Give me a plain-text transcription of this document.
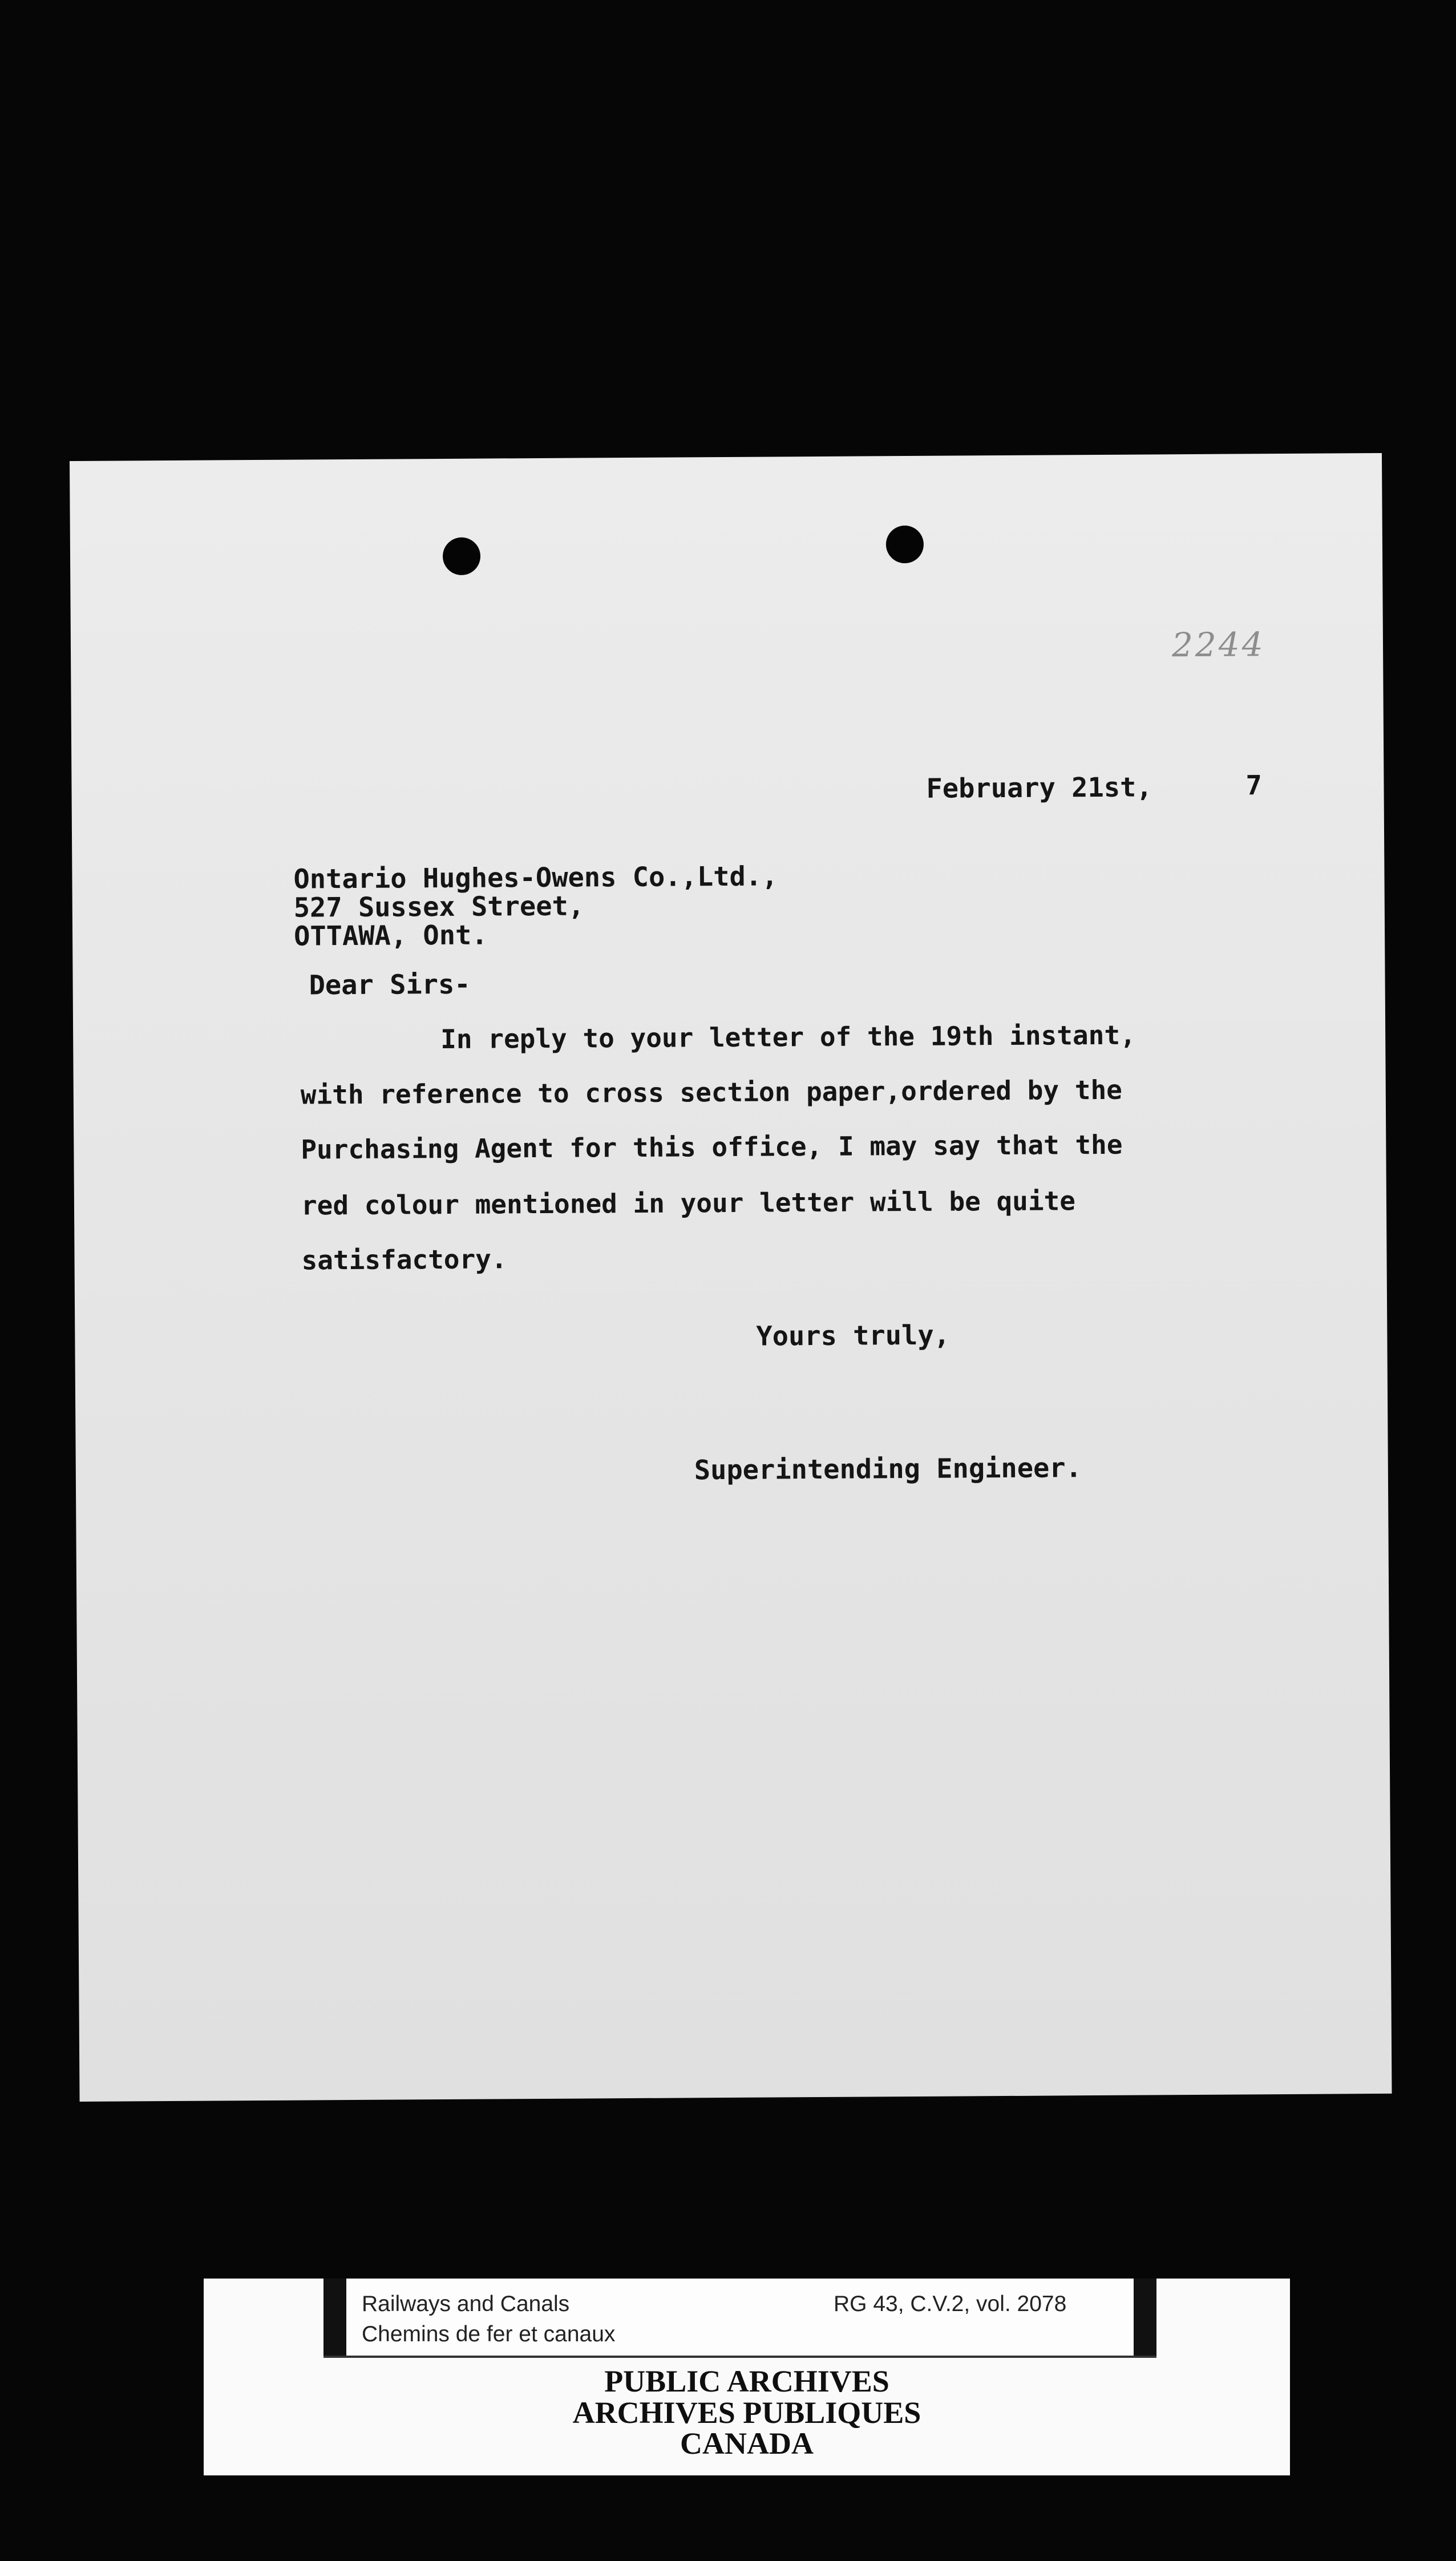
2244
February 21st,	7
Ontario Hughes-Owens Co.,Ltd.,
527 Sussex Street,
OTTAWA, Ont.
Dear Sirs-
In reply to your letter of the 19th instant,
with reference to cross section paper,ordered by the
Purchasing Agent for this office, I may say that the
red colour mentioned in your letter will be quite
satisfactory.
Yours truly,
Superintending Engineer.
Railways and Canals
Chemins de fer et canaux
RG 43, C.V.2, vol. 2078
PUBLIC ARCHIVES
ARCHIVES PUBLIQUES
CANADA
